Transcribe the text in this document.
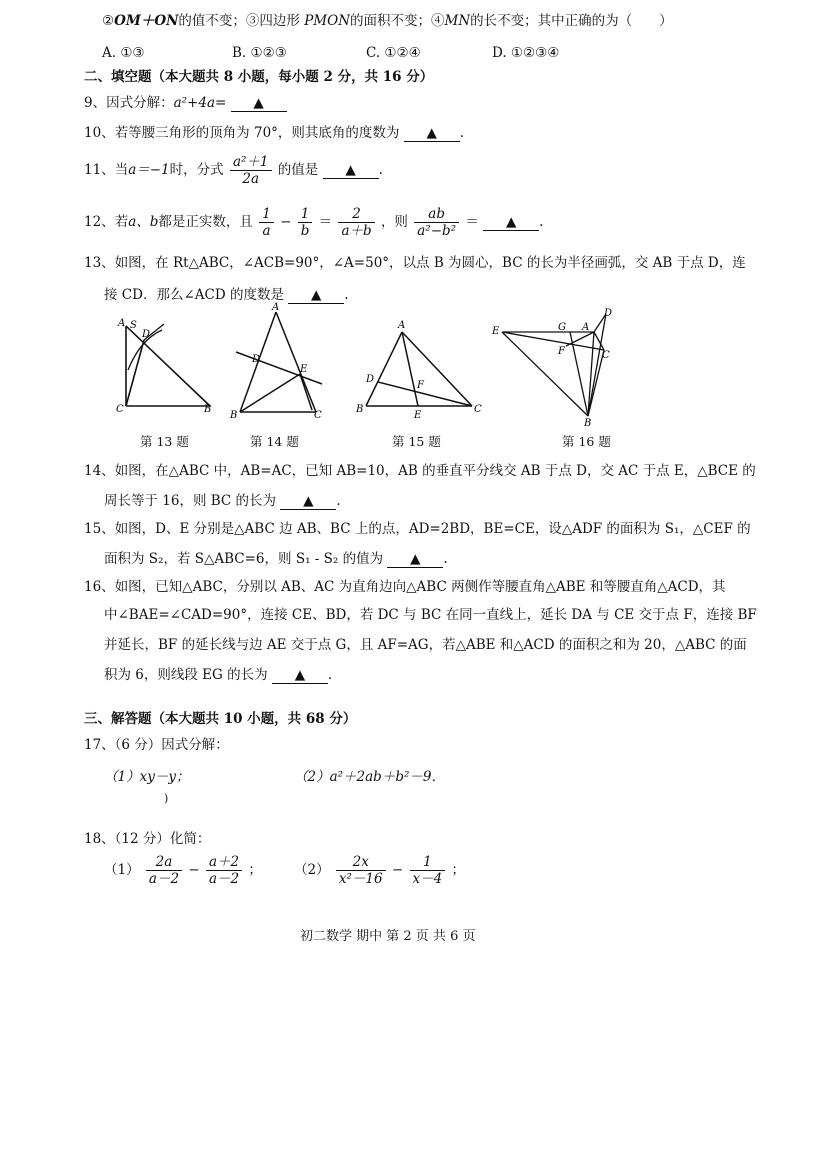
②OM＋ON的值不变；③四边形 PMON的面积不变；④MN的长不变；其中正确的为（　　）
A. ①③	B. ①②③	C. ①②④	D. ①②③④
二、填空题（本大题共 8 小题，每小题 2 分，共 16 分）
9、因式分解：a²+4a= ▲
10、若等腰三角形的顶角为 70°，则其底角的度数为 ▲ .
11、当a＝−1时，分式 $\frac{\text{a²＋1}}{2a}$ 的值是 ▲ .
12、若a、b都是正实数，且 $\frac{1}{a} - \frac{1}{b} = \frac{2}{a+b}$ ，则 $\frac{ab}{\text{a²−b²}}$ ＝ ▲ .
13、如图，在 Rt△ABC，∠ACB=90°，∠A=50°，以点 B 为圆心，BC 的长为半径画弧，交 AB 于点 D，连
接 CD．那么∠ACD 的度数是 ▲ .
A S
D
C	B
A
D
E
B	C
A
D
F
B
E
C
E	G A
D
F	C
B
第 13 题	第 14 题	第 15 题	第 16 题
14、如图，在△ABC 中，AB=AC，已知 AB=10，AB 的垂直平分线交 AB 于点 D，交 AC 于点 E，△BCE 的
周长等于 16，则 BC 的长为 ▲ .
15、如图，D、E 分别是△ABC 边 AB、BC 上的点，AD=2BD，BE=CE，设△ADF 的面积为 S₁，△CEF 的
面积为 S₂，若 S△ABC=6，则 S₁ - S₂ 的值为 ▲ .
16、如图，已知△ABC，分别以 AB、AC 为直角边向△ABC 两侧作等腰直角△ABE 和等腰直角△ACD，其
中∠BAE=∠CAD=90°，连接 CE、BD，若 DC 与 BC 在同一直线上，延长 DA 与 CE 交于点 F，连接 BF
并延长，BF 的延长线与边 AE 交于点 G，且 AF=AG，若△ABE 和△ACD 的面积之和为 20，△ABC 的面
积为 6，则线段 EG 的长为 ▲ .
三、解答题（本大题共 10 小题，共 68 分）
17、（6 分）因式分解：
（1）xy－y；
)
（2）a²＋2ab＋b²－9．
18、（12 分）化简：
$(1) \frac{2a}{a-2} - \frac{a+2}{a-2}$ ； $(2) \frac{2x}{\text{x²－16}} - \frac{1}{x-4}$ ；
初二数学 期中 第 2 页 共 6 页
